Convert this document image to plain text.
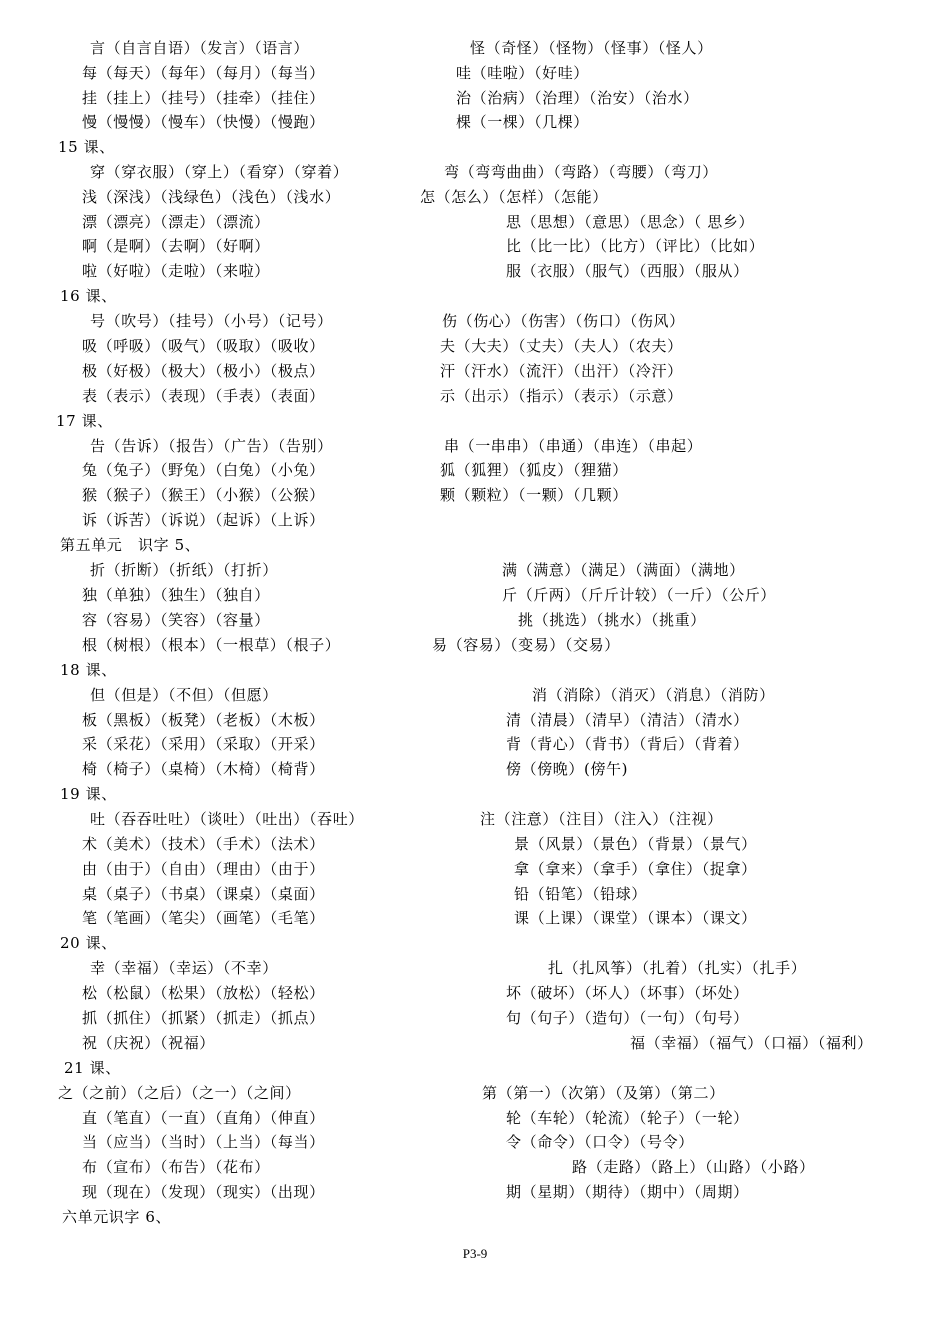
言（自言自语）（发言）（语言）	怪（奇怪）（怪物）（怪事）（怪人）
每（每天）（每年）（每月）（每当）	哇（哇啦）（好哇）
挂（挂上）（挂号）（挂牵）（挂住）	治（治病）（治理）（治安）（治水）
慢（慢慢）（慢车）（快慢）（慢跑）	棵（一棵）（几棵）
15 课、
穿（穿衣服）（穿上）（看穿）（穿着）	弯（弯弯曲曲）（弯路）（弯腰）（弯刀）
浅（深浅）（浅绿色）（浅色）（浅水）	怎（怎么）（怎样）（怎能）
漂（漂亮）（漂走）（漂流）	思（思想）（意思）（思念）（ 思乡）
啊（是啊）（去啊）（好啊）	比（比一比）（比方）（评比）（比如）
啦（好啦）（走啦）（来啦）	服（衣服）（服气）（西服）（服从）
16 课、
号（吹号）（挂号）（小号）（记号）	伤（伤心）（伤害）（伤口）（伤风）
吸（呼吸）（吸气）（吸取）（吸收）	夫（大夫）（丈夫）（夫人）（农夫）
极（好极）（极大）（极小）（极点）	汗（汗水）（流汗）（出汗）（冷汗）
表（表示）（表现）（手表）（表面）	示（出示）（指示）（表示）（示意）
17 课、
告（告诉）（报告）（广告）（告别）	串（一串串）（串通）（串连）（串起）
兔（兔子）（野兔）（白兔）（小兔）	狐（狐狸）（狐皮）（狸猫）
猴（猴子）（猴王）（小猴）（公猴）	颗（颗粒）（一颗）（几颗）
诉（诉苦）（诉说）（起诉）（上诉）
第五单元　识字 5、
折（折断）（折纸）（打折）	满（满意）（满足）（满面）（满地）
独（单独）（独生）（独自）	斤（斤两）（斤斤计较）（一斤）（公斤）
容（容易）（笑容）（容量）	挑（挑选）（挑水）（挑重）
根（树根）（根本）（一根草）（根子）	易（容易）（变易）（交易）
18 课、
但（但是）（不但）（但愿）	消（消除）（消灭）（消息）（消防）
板（黑板）（板凳）（老板）（木板）	清（清晨）（清早）（清洁）（清水）
采（采花）（采用）（采取）（开采）	背（背心）（背书）（背后）（背着）
椅（椅子）（桌椅）（木椅）（椅背）	傍（傍晚）(傍午)
19 课、
吐（吞吞吐吐）（谈吐）（吐出）（吞吐）	注（注意）（注目）（注入）（注视）
术（美术）（技术）（手术）（法术）	景（风景）（景色）（背景）（景气）
由（由于）（自由）（理由）（由于）	拿（拿来）（拿手）（拿住）（捉拿）
桌（桌子）（书桌）（课桌）（桌面）	铅（铅笔）（铅球）
笔（笔画）（笔尖）（画笔）（毛笔）	课（上课）（课堂）（课本）（课文）
20 课、
幸（幸福）（幸运）（不幸）	扎（扎风筝）（扎着）（扎实）（扎手）
松（松鼠）（松果）（放松）（轻松）	坏（破坏）（坏人）（坏事）（坏处）
抓（抓住）（抓紧）（抓走）（抓点）	句（句子）（造句）（一句）（句号）
祝（庆祝）（祝福）	福（幸福）（福气）（口福）（福利）
21 课、
之（之前）（之后）（之一）（之间）	第（第一）（次第）（及第）（第二）
直（笔直）（一直）（直角）（伸直）	轮（车轮）（轮流）（轮子）（一轮）
当（应当）（当时）（上当）（每当）	令（命令）（口令）（号令）
布（宣布）（布告）（花布）	路（走路）（路上）（山路）（小路）
现（现在）（发现）（现实）（出现）	期（星期）（期待）（期中）（周期）
六单元识字 6、
P3-9
